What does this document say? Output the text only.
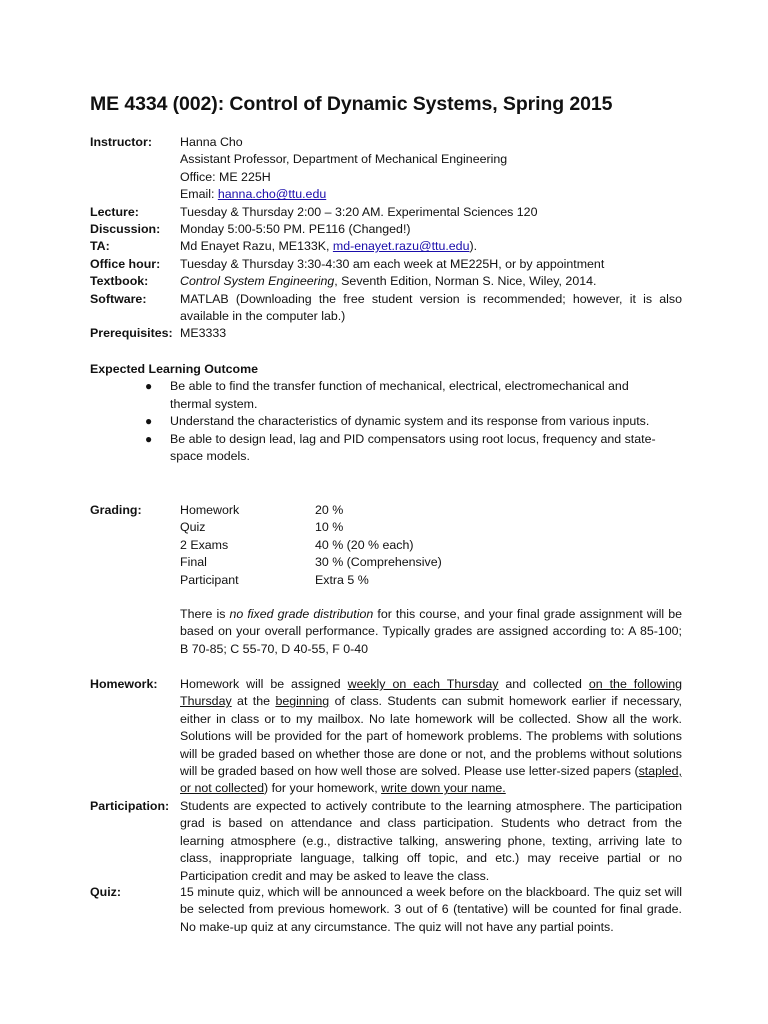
ME 4334 (002): Control of Dynamic Systems, Spring 2015
Instructor:	Hanna Cho
Assistant Professor, Department of Mechanical Engineering
Office: ME 225H
Email: hanna.cho@ttu.edu
Lecture:	Tuesday & Thursday 2:00 – 3:20 AM. Experimental Sciences 120
Discussion:	Monday 5:00-5:50 PM. PE116 (Changed!)
TA:	Md Enayet Razu, ME133K, md-enayet.razu@ttu.edu).
Office hour:	Tuesday & Thursday 3:30-4:30 am each week at ME225H, or by appointment
Textbook:	Control System Engineering, Seventh Edition, Norman S. Nice, Wiley, 2014.
Software:	MATLAB (Downloading the free student version is recommended; however, it is also available in the computer lab.)
Prerequisites: ME3333
Expected Learning Outcome
● Be able to find the transfer function of mechanical, electrical, electromechanical and thermal system.
● Understand the characteristics of dynamic system and its response from various inputs.
● Be able to design lead, lag and PID compensators using root locus, frequency and state-space models.
Grading:	Homework	20 %
Quiz	10 %
2 Exams	40 % (20 % each)
Final	30 % (Comprehensive)
Participant	Extra 5 %
There is no fixed grade distribution for this course, and your final grade assignment will be based on your overall performance. Typically grades are assigned according to: A 85-100; B 70-85; C 55-70, D 40-55, F 0-40
Homework:	Homework will be assigned weekly on each Thursday and collected on the following Thursday at the beginning of class. Students can submit homework earlier if necessary, either in class or to my mailbox. No late homework will be collected. Show all the work. Solutions will be provided for the part of homework problems. The problems with solutions will be graded based on whether those are done or not, and the problems without solutions will be graded based on how well those are solved. Please use letter-sized papers (stapled, or not collected) for your homework, write down your name.
Participation: Students are expected to actively contribute to the learning atmosphere. The participation grad is based on attendance and class participation. Students who detract from the learning atmosphere (e.g., distractive talking, answering phone, texting, arriving late to class, inappropriate language, talking off topic, and etc.) may receive partial or no Participation credit and may be asked to leave the class.
Quiz:	15 minute quiz, which will be announced a week before on the blackboard. The quiz set will be selected from previous homework. 3 out of 6 (tentative) will be counted for final grade. No make-up quiz at any circumstance. The quiz will not have any partial points.
